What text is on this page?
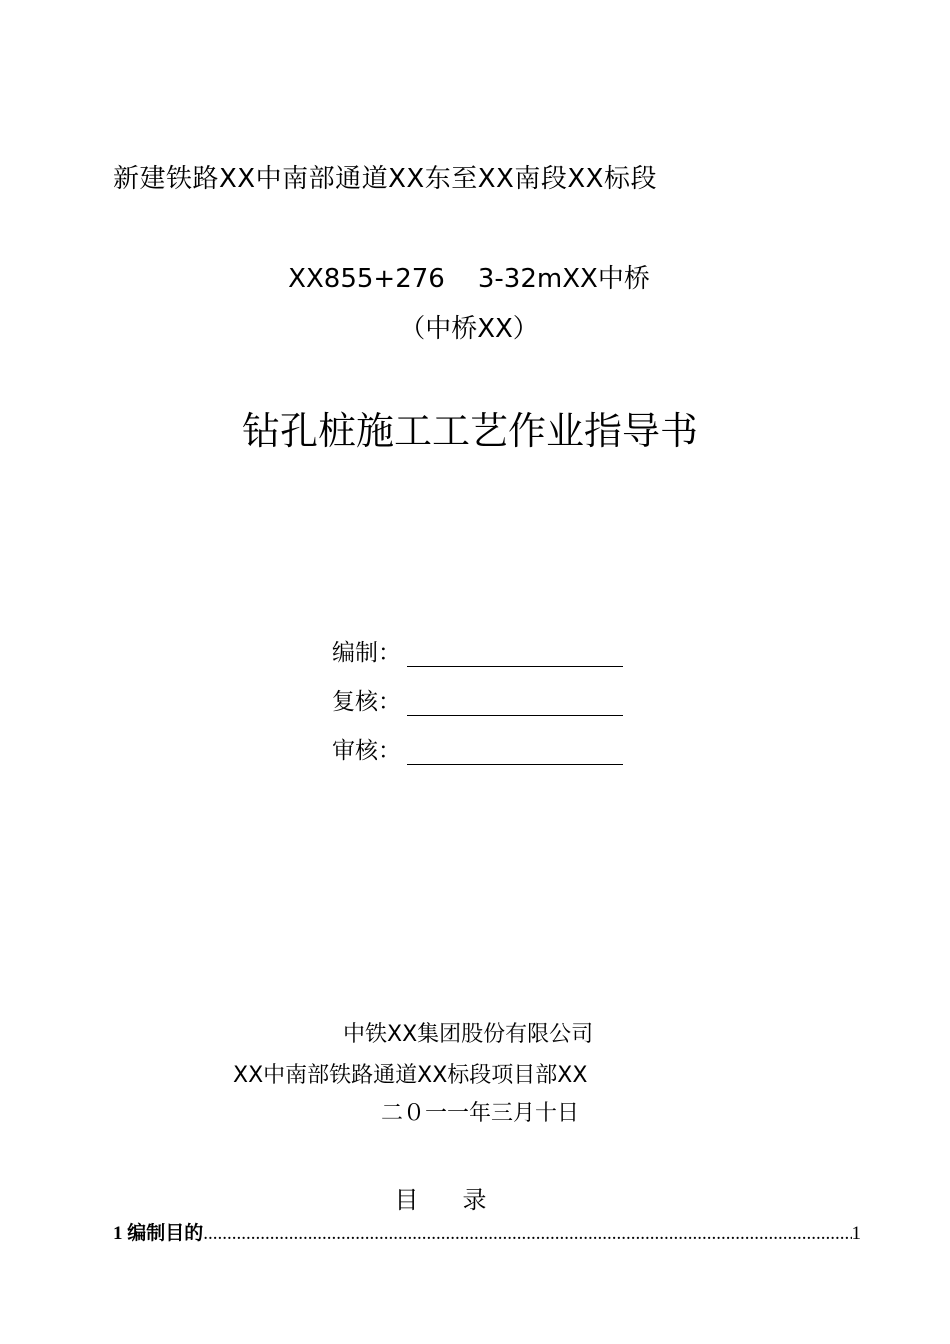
新建铁路XX中南部通道XX东至XX南段XX标段
XX855+276    3-32mXX中桥
（中桥XX）
钻孔桩施工工艺作业指导书
编制：
复核：
审核：
中铁XX集团股份有限公司
XX中南部铁路通道XX标段项目部XX
二０一一年三月十日
目录
1 编制目的
.....	1
